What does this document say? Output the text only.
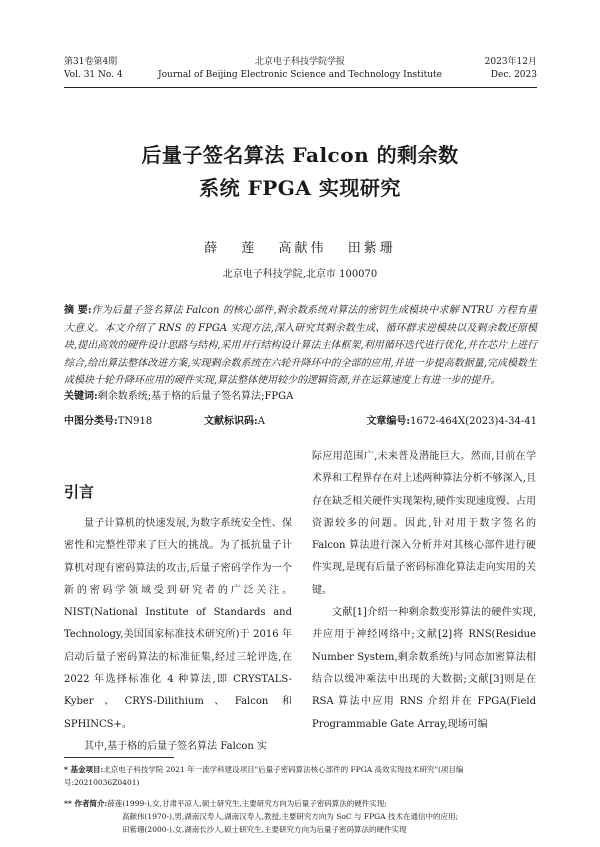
第31卷第4期
Vol. 31 No. 4
北京电子科技学院学报
Journal of Beijing Electronic Science and Technology Institute
2023年12月
Dec. 2023
后量子签名算法 Falcon 的剩余数
系统 FPGA 实现研究
薛 莲 高献伟 田紫珊
北京电子科技学院,北京市 100070
摘 要:作为后量子签名算法 Falcon 的核心部件,剩余数系统对算法的密钥生成模块中求解 NTRU 方程有重大意义。本文介绍了 RNS 的 FPGA 实现方法,深入研究其剩余数生成、循环群求逆模块以及剩余数还原模块,提出高效的硬件设计思路与结构,采用并行结构设计算法主体框架,利用循环迭代进行优化,并在芯片上进行综合,给出算法整体改进方案,实现剩余数系统在六轮升降环中的全部的应用,并进一步提高数据量,完成模数生成模块十轮升降环应用的硬件实现,算法整体使用较少的逻辑资源,并在运算速度上有进一步的提升。
关键词:剩余数系统;基于格的后量子签名算法;FPGA
中图分类号:TN918	文献标识码:A	文章编号:1672-464X(2023)4-34-41
引言

量子计算机的快速发展,为数字系统安全性、保密性和完整性带来了巨大的挑战。为了抵抗量子计算机对现有密码算法的攻击,后量子密码学作为一个新的密码学领域受到研究者的广泛关注。NIST(National Institute of Standards and Technology,美国国家标准技术研究所)于 2016 年启动后量子密码算法的标准征集,经过三轮评选,在 2022 年选择标准化 4 种算法,即 CRYSTALS-Kyber、CRYS-Dilithium、Falcon 和 SPHINCS+。

其中,基于格的后量子签名算法 Falcon 实

际应用范围广,未来普及潜能巨大。然而,目前在学术界和工程界存在对上述两种算法分析不够深入,且存在缺乏相关硬件实现架构,硬件实现速度慢、占用资源较多的问题。因此,针对用于数字签名的 Falcon 算法进行深入分析并对其核心部件进行硬件实现,是现有后量子密码标准化算法走向实用的关键。

文献[1]介绍一种剩余数变形算法的硬件实现,并应用于神经网络中;文献[2]将 RNS(Residue Number System,剩余数系统)与同态加密算法相结合以缓冲乘法中出现的大数据;文献[3]则是在 RSA 算法中应用 RNS 介绍并在 FPGA(Field Programmable Gate Array,现场可编

* 基金项目:北京电子科技学院 2021 年一流学科建设项目"后量子密码算法核心部件的 FPGA 高效实现技术研究"(项目编号:20210036Z0401)
** 作者简介:薛莲(1999-),女,甘肃平凉人,硕士研究生,主要研究方向为后量子密码算法的硬件实现;
高献伟(1970-),男,湖南汉寿人,湖南汉寿人,教授,主要研究方向为 SoC 与 FPGA 技术在通信中的应用;
田紫珊(2000-),女,湖南长沙人,硕士研究生,主要研究方向为后量子密码算法的硬件实现
